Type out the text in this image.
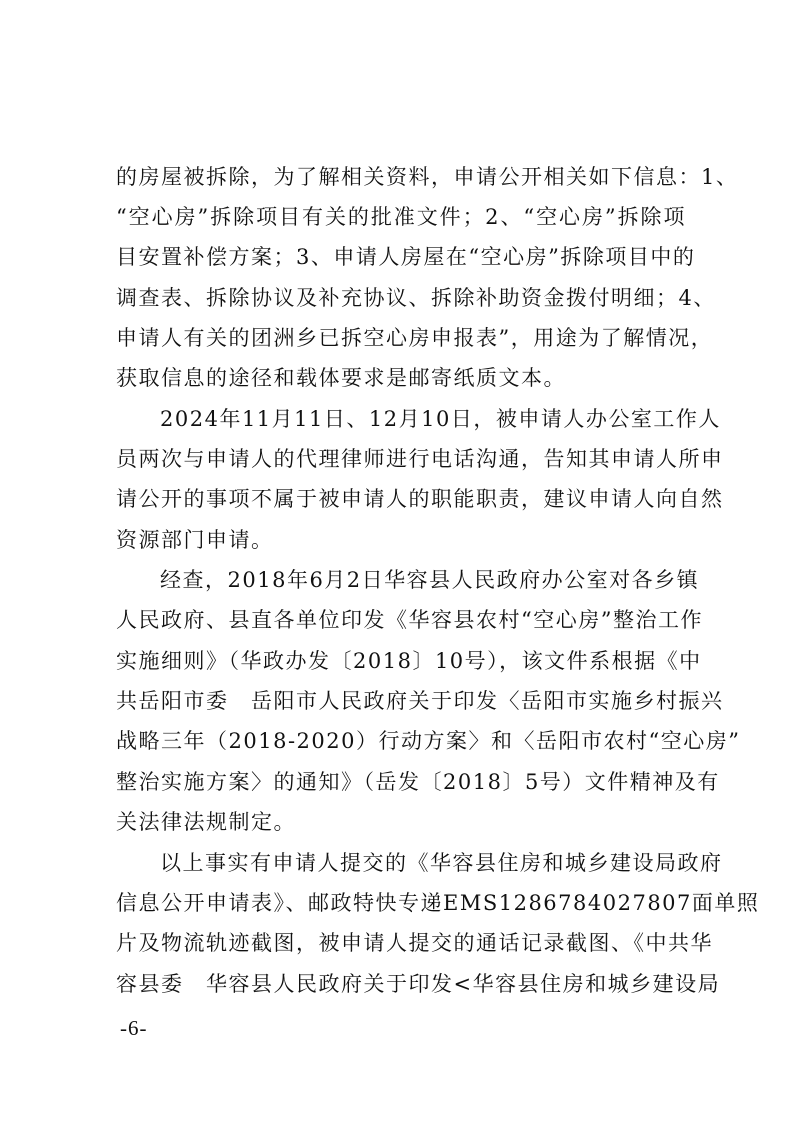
的房屋被拆除，为了解相关资料，申请公开相关如下信息：1、
“空心房”拆除项目有关的批准文件；2、“空心房”拆除项
目安置补偿方案；3、申请人房屋在“空心房”拆除项目中的
调查表、拆除协议及补充协议、拆除补助资金拨付明细；4、
申请人有关的团洲乡已拆空心房申报表”，用途为了解情况，
获取信息的途径和载体要求是邮寄纸质文本。
2024年11月11日、12月10日，被申请人办公室工作人
员两次与申请人的代理律师进行电话沟通，告知其申请人所申
请公开的事项不属于被申请人的职能职责，建议申请人向自然
资源部门申请。
经查，2018年6月2日华容县人民政府办公室对各乡镇
人民政府、县直各单位印发《华容县农村“空心房”整治工作
实施细则》（华政办发〔2018〕10号），该文件系根据《中
共岳阳市委　岳阳市人民政府关于印发〈岳阳市实施乡村振兴
战略三年（2018-2020）行动方案〉和〈岳阳市农村“空心房”
整治实施方案〉的通知》（岳发〔2018〕5号）文件精神及有
关法律法规制定。
以上事实有申请人提交的《华容县住房和城乡建设局政府
信息公开申请表》、邮政特快专递EMS1286784027807面单照
片及物流轨迹截图，被申请人提交的通话记录截图、《中共华
容县委　华容县人民政府关于印发<华容县住房和城乡建设局
-6-
